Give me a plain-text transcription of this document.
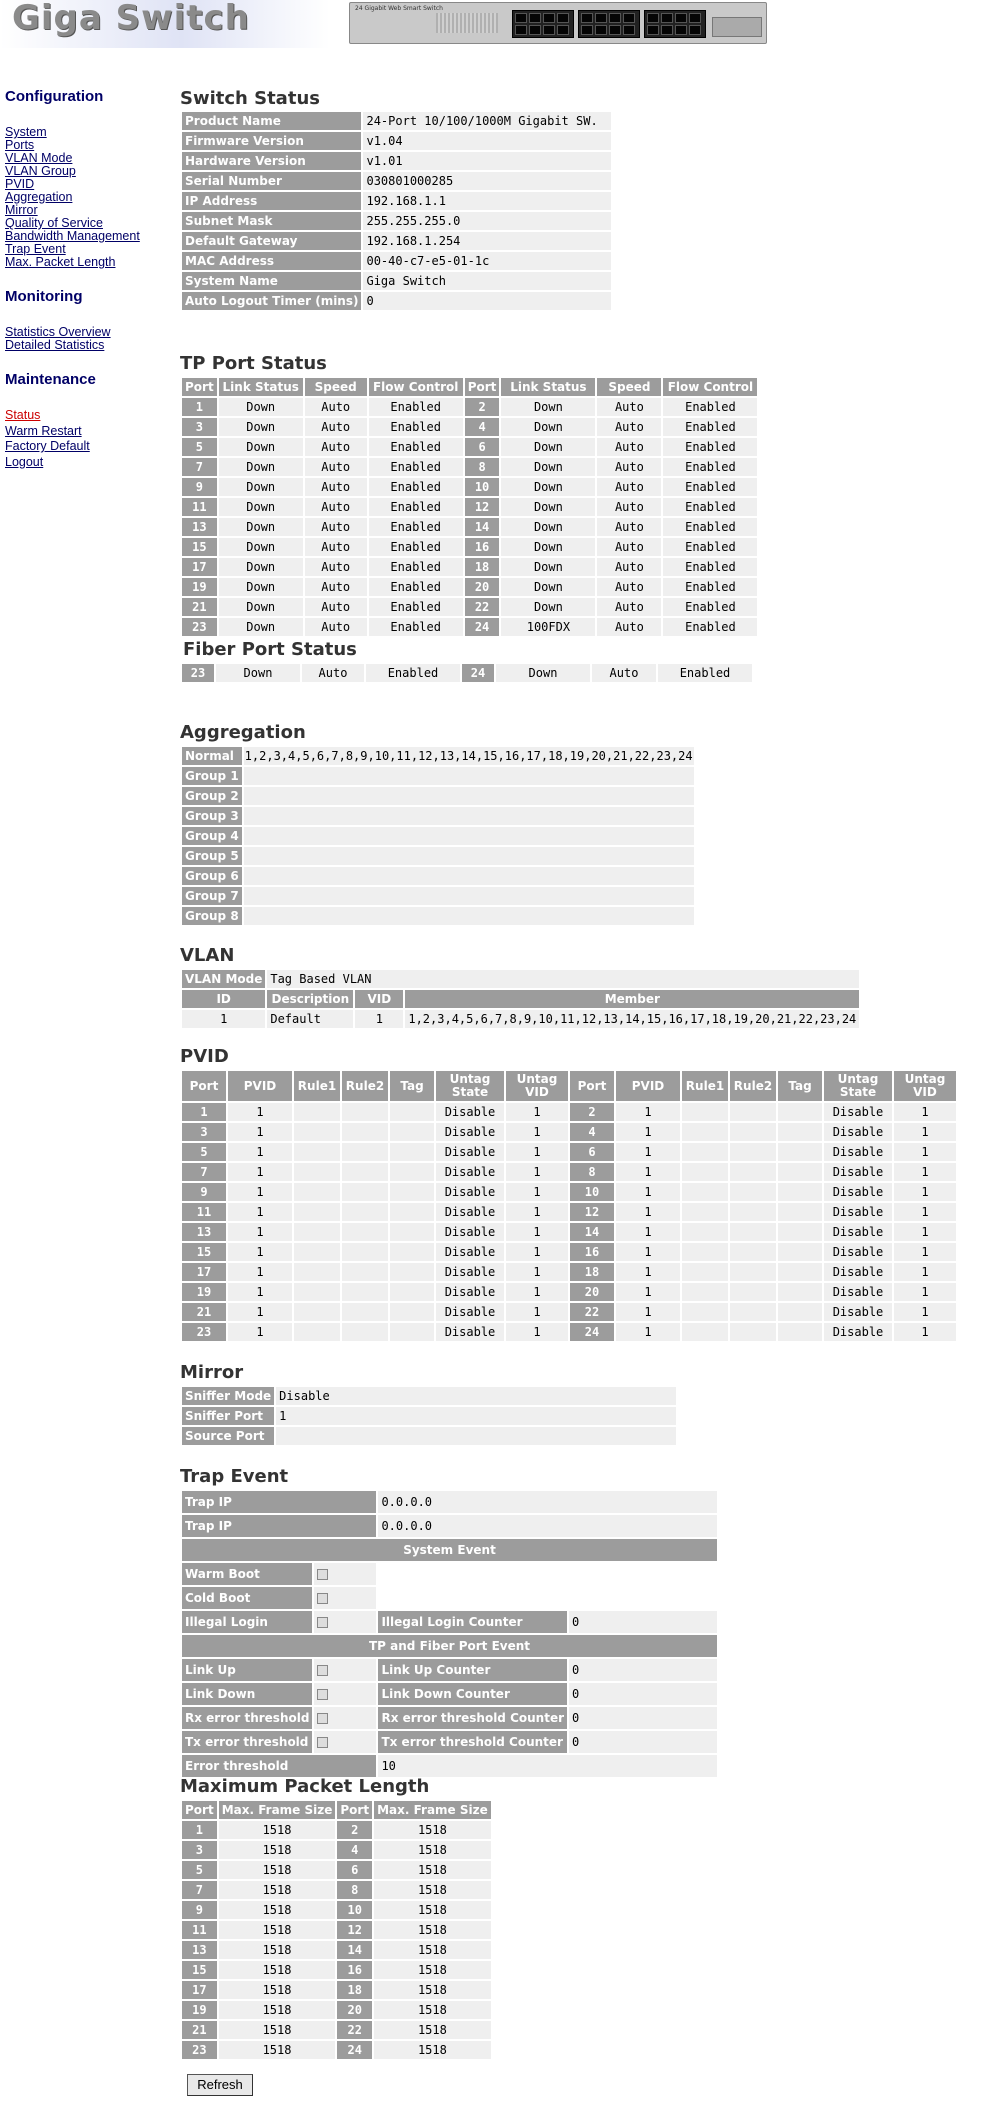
Giga Switch	24 Gigabit Web Smart Switch
Configuration
System
Ports
VLAN Mode
VLAN Group
PVID
Aggregation
Mirror
Quality of Service
Bandwidth Management
Trap Event
Max. Packet Length
Monitoring
Statistics Overview
Detailed Statistics
Maintenance
Status
Warm Restart
Factory Default
Logout
Switch Status
Product Name	24-Port 10/100/1000M Gigabit SW.
Firmware Version	v1.04
Hardware Version	v1.01
Serial Number	030801000285
IP Address	192.168.1.1
Subnet Mask	255.255.255.0
Default Gateway	192.168.1.254
MAC Address	00-40-c7-e5-01-1c
System Name	Giga Switch
Auto Logout Timer (mins)	0
TP Port Status
Port	Link Status	Speed	Flow Control	Port	Link Status	Speed	Flow Control
1	Down	Auto	Enabled	2	Down	Auto	Enabled
3	Down	Auto	Enabled	4	Down	Auto	Enabled
5	Down	Auto	Enabled	6	Down	Auto	Enabled
7	Down	Auto	Enabled	8	Down	Auto	Enabled
9	Down	Auto	Enabled	10	Down	Auto	Enabled
11	Down	Auto	Enabled	12	Down	Auto	Enabled
13	Down	Auto	Enabled	14	Down	Auto	Enabled
15	Down	Auto	Enabled	16	Down	Auto	Enabled
17	Down	Auto	Enabled	18	Down	Auto	Enabled
19	Down	Auto	Enabled	20	Down	Auto	Enabled
21	Down	Auto	Enabled	22	Down	Auto	Enabled
23	Down	Auto	Enabled	24	100FDX	Auto	Enabled
Fiber Port Status
23	Down	Auto	Enabled	24	Down	Auto	Enabled
Aggregation
Normal	1,2,3,4,5,6,7,8,9,10,11,12,13,14,15,16,17,18,19,20,21,22,23,24
Group 1	
Group 2	
Group 3	
Group 4	
Group 5	
Group 6	
Group 7	
Group 8	
VLAN
VLAN Mode	Tag Based VLAN		
ID	Description	VID	Member
1	Default	1	1,2,3,4,5,6,7,8,9,10,11,12,13,14,15,16,17,18,19,20,21,22,23,24
PVID
Port	PVID	Rule1	Rule2	Tag	Untag State	Untag VID	Port	PVID	Rule1	Rule2	Tag	Untag State	Untag VID
1	1				Disable	1	2	1				Disable	1
3	1				Disable	1	4	1				Disable	1
5	1				Disable	1	6	1				Disable	1
7	1				Disable	1	8	1				Disable	1
9	1				Disable	1	10	1				Disable	1
11	1				Disable	1	12	1				Disable	1
13	1				Disable	1	14	1				Disable	1
15	1				Disable	1	16	1				Disable	1
17	1				Disable	1	18	1				Disable	1
19	1				Disable	1	20	1				Disable	1
21	1				Disable	1	22	1				Disable	1
23	1				Disable	1	24	1				Disable	1
Mirror
Sniffer Mode	Disable
Sniffer Port	1
Source Port	
Trap Event
Trap IP		0.0.0.0	
Trap IP		0.0.0.0	
System Event			
Warm Boot			
Cold Boot			
Illegal Login		Illegal Login Counter	0
TP and Fiber Port Event			
Link Up		Link Up Counter	0
Link Down		Link Down Counter	0
Rx error threshold		Rx error threshold Counter	0
Tx error threshold		Tx error threshold Counter	0
Error threshold		10	
Maximum Packet Length
Port	Max. Frame Size	Port	Max. Frame Size
1	1518	2	1518
3	1518	4	1518
5	1518	6	1518
7	1518	8	1518
9	1518	10	1518
11	1518	12	1518
13	1518	14	1518
15	1518	16	1518
17	1518	18	1518
19	1518	20	1518
21	1518	22	1518
23	1518	24	1518
Refresh
